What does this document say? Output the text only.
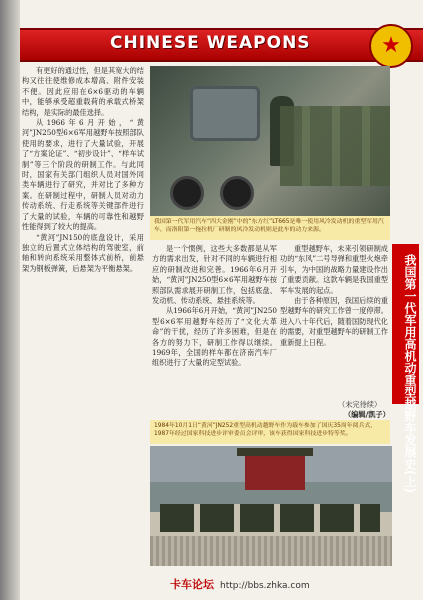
CHINESE WEAPONS	★

有更好的通过性，但是其宽大的结构又往往使维修成本增高、附件安装不便。因此应用在6×6驱动的车辆中，能够承受超重载荷的承载式桥架结构，是实际的最佳选择。

从1966年6月开始，“黄河”JN250型6×6军用越野车按照部队使用的要求，进行了大量试验，开展了“方案论证”、“初步设计”、“样车试制”等三个阶段的研制工作。与此同时，国家有关部门组织人员对国外同类车辆进行了研究，并对比了多种方案。在研制过程中，研制人员对动力传动系统、行走系统等关键部件进行了大量的试验，车辆的可靠性和越野性能得到了较大的提高。

“黄河”JN150的底盘设计，采用独立的后置式立体结构的驾驶室，前轴和转向系统采用整体式前桥，前悬架为钢板弹簧，后悬架为平衡悬架。

我国第一代军用汽车“四大金刚”中的“东方红”LT665是唯一使用风冷发动机的重型军用汽车，而洛阳第一拖拉机厂研制的风冷发动机则是此车的动力来源。

是一个惯例，这些大多数都是从军方的需求出发，针对不同的车辆进行相应的研制改进和完善。1966年6月开始，“黄河”JN250型6×6军用越野车按照部队需求展开研制工作，包括底盘、发动机、传动系统、悬挂系统等。

从1966年6月开始，“黄河”JN250型6×6军用越野车经历了“文化大革命”的干扰，经历了许多困难，但是在各方的努力下，研制工作得以继续。1969年，全国的样车都在济南汽车厂组织进行了大量的定型试验。

重型越野车，未来引领研制成功的“东风”二号导弹和重型火炮牵引车，为中国的战略力量建设作出了重要贡献。这款车辆是我国重型军车发展的起点。

由于各种原因，我国后续的重型越野车的研究工作曾一度停滞。进入八十年代后，随着国防现代化的需要，对重型越野车的研制工作重新提上日程。	我国第一代军用高机动重型越野车发展史(上)
（未完待续）
（编辑/凯子）
1984年10月1日“黄河”JN252重型高机动越野车作为载车参加了国庆35周年阅兵式，1987年经过国家科技进步评审委员会评审，该车获得国家科技进步特等奖。
卡车论坛 http://bbs.zhka.com
